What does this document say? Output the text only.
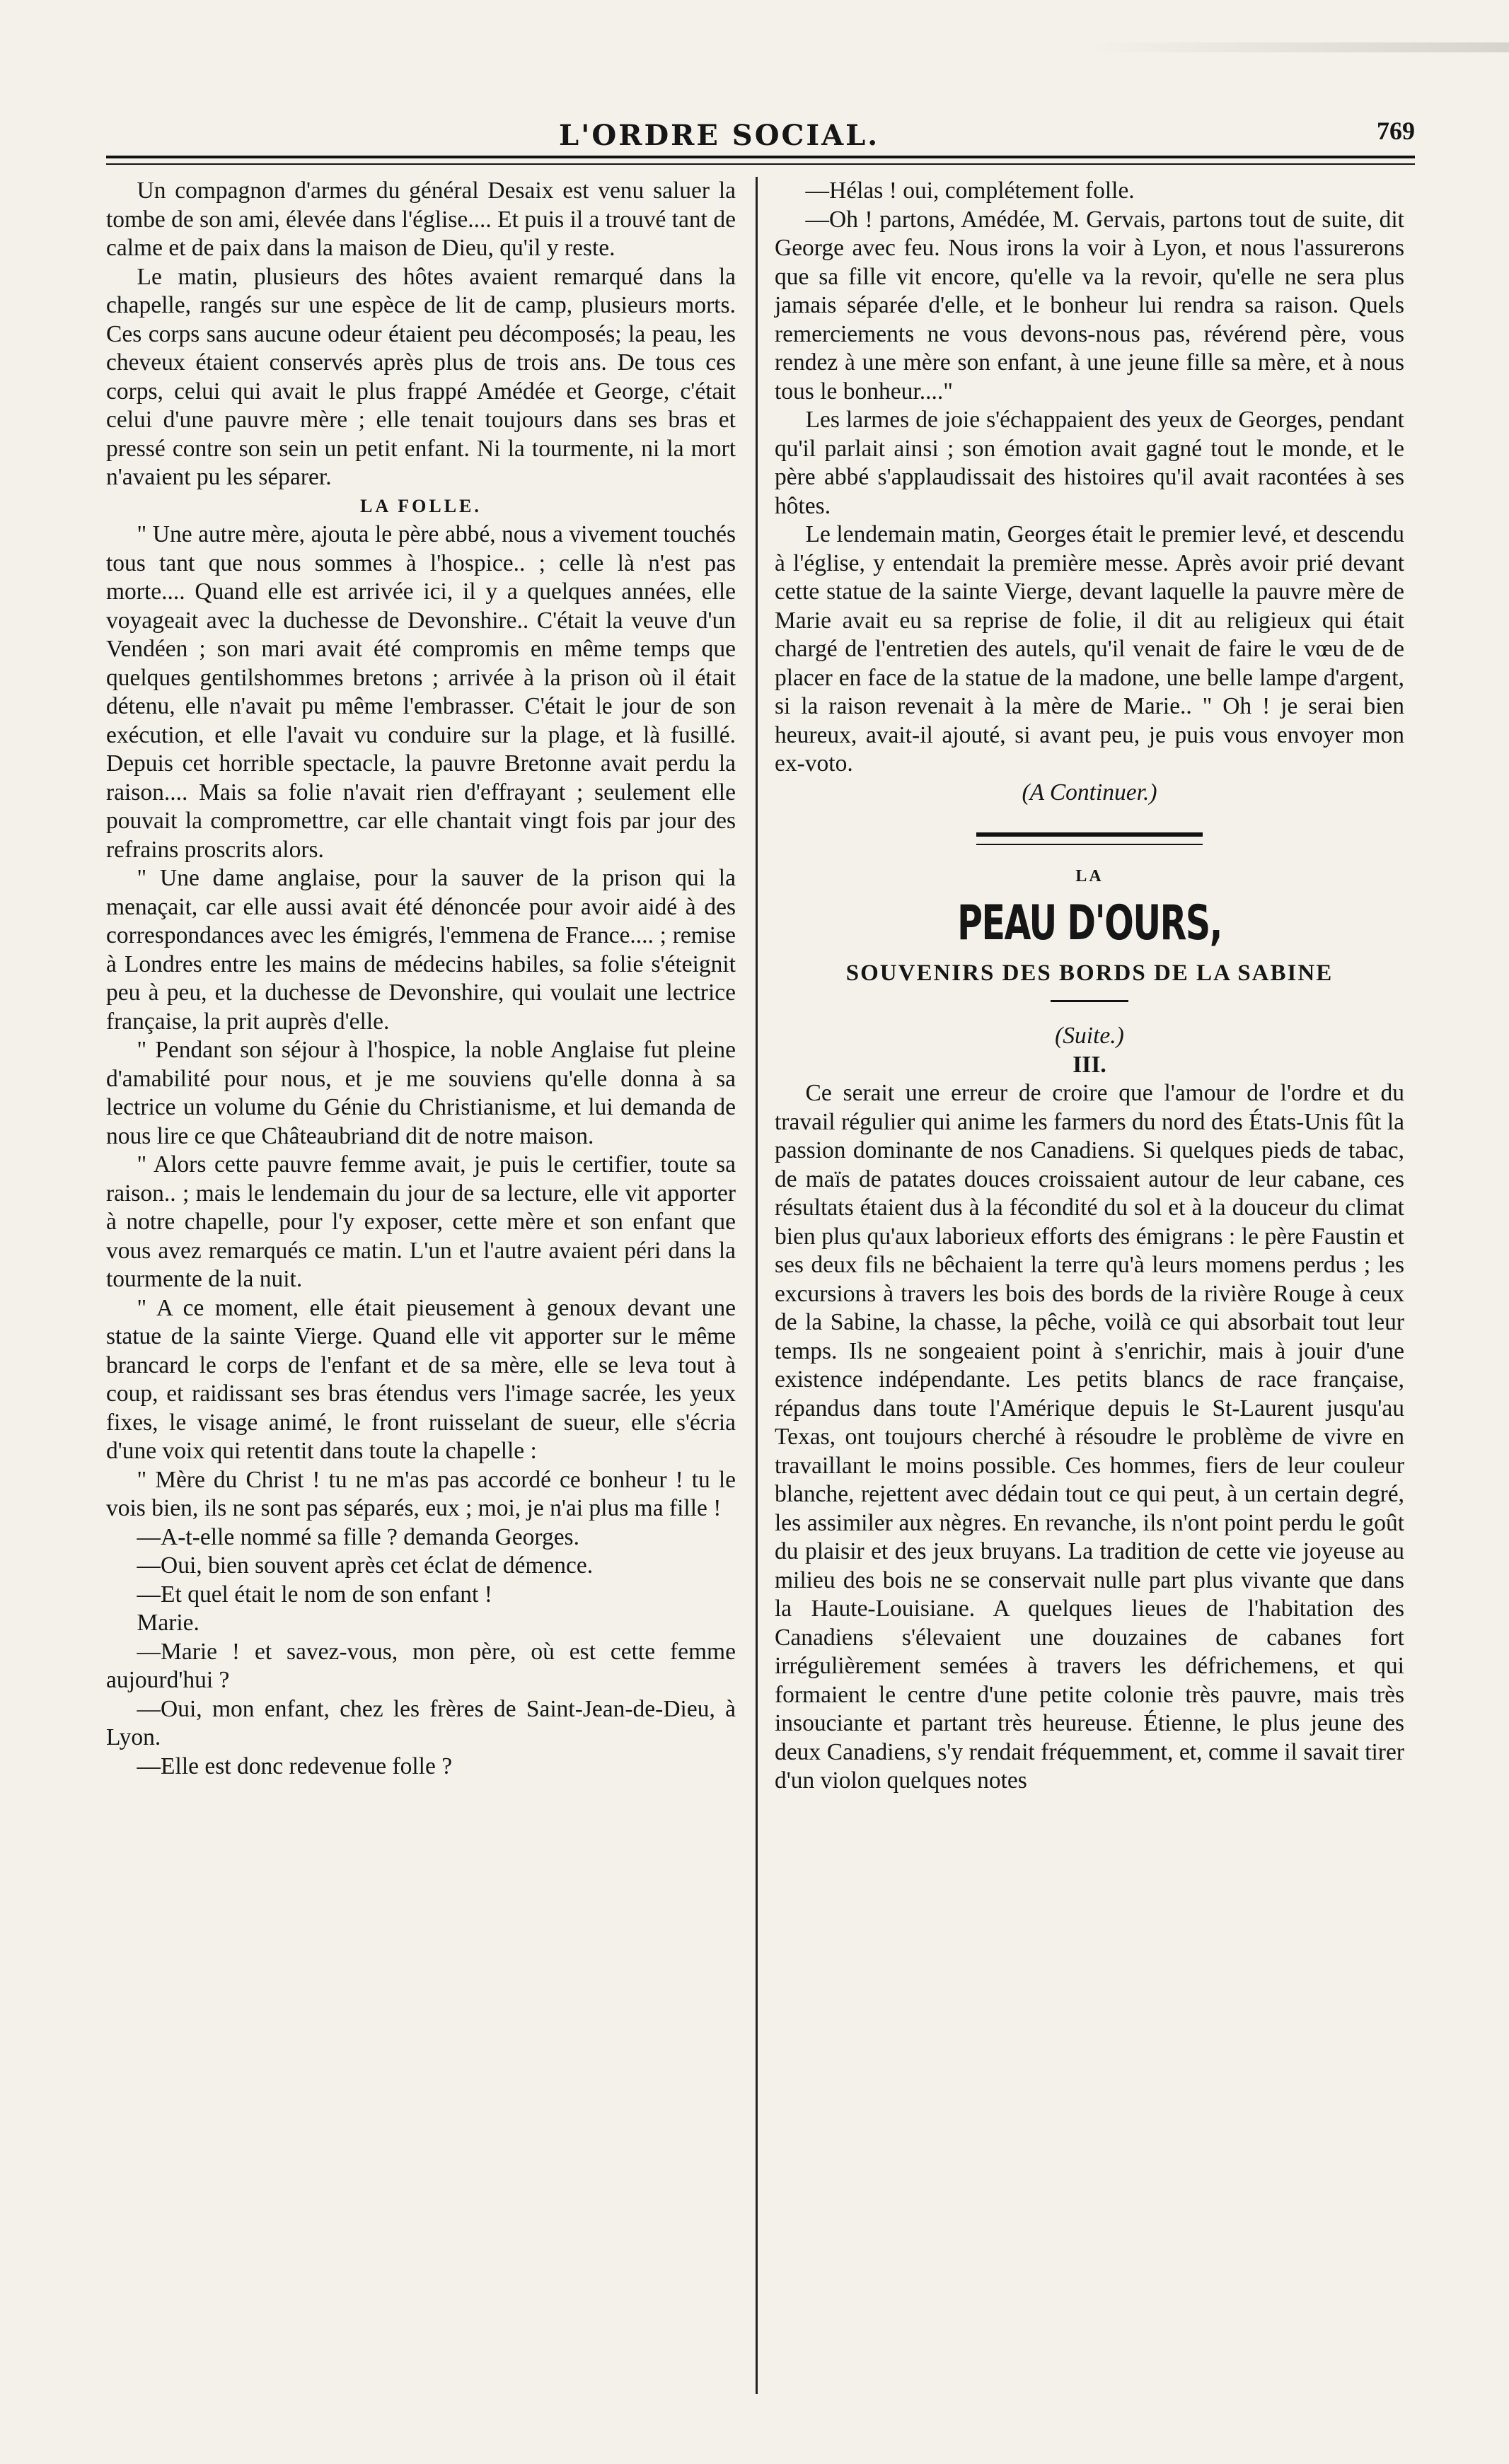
L'ORDRE SOCIAL.	769

Un compagnon d'armes du général Desaix est venu saluer la tombe de son ami, élevée dans l'église.... Et puis il a trouvé tant de calme et de paix dans la maison de Dieu, qu'il y reste.

Le matin, plusieurs des hôtes avaient remarqué dans la chapelle, rangés sur une espèce de lit de camp, plusieurs morts. Ces corps sans aucune odeur étaient peu décomposés; la peau, les cheveux étaient conservés après plus de trois ans. De tous ces corps, celui qui avait le plus frappé Amédée et George, c'était celui d'une pauvre mère ; elle tenait toujours dans ses bras et pressé contre son sein un petit enfant. Ni la tourmente, ni la mort n'avaient pu les séparer.

LA FOLLE.

" Une autre mère, ajouta le père abbé, nous a vivement touchés tous tant que nous sommes à l'hospice.. ; celle là n'est pas morte.... Quand elle est arrivée ici, il y a quelques années, elle voyageait avec la duchesse de Devonshire.. C'était la veuve d'un Vendéen ; son mari avait été compromis en même temps que quelques gentilshommes bretons ; arrivée à la prison où il était détenu, elle n'avait pu même l'embrasser. C'était le jour de son exécution, et elle l'avait vu conduire sur la plage, et là fusillé. Depuis cet horrible spectacle, la pauvre Bretonne avait perdu la raison.... Mais sa folie n'avait rien d'effrayant ; seulement elle pouvait la compromettre, car elle chantait vingt fois par jour des refrains proscrits alors.

" Une dame anglaise, pour la sauver de la prison qui la menaçait, car elle aussi avait été dénoncée pour avoir aidé à des correspondances avec les émigrés, l'emmena de France.... ; remise à Londres entre les mains de médecins habiles, sa folie s'éteignit peu à peu, et la duchesse de Devonshire, qui voulait une lectrice française, la prit auprès d'elle.

" Pendant son séjour à l'hospice, la noble Anglaise fut pleine d'amabilité pour nous, et je me souviens qu'elle donna à sa lectrice un volume du Génie du Christianisme, et lui demanda de nous lire ce que Châteaubriand dit de notre maison.

" Alors cette pauvre femme avait, je puis le certifier, toute sa raison.. ; mais le lendemain du jour de sa lecture, elle vit apporter à notre chapelle, pour l'y exposer, cette mère et son enfant que vous avez remarqués ce matin. L'un et l'autre avaient péri dans la tourmente de la nuit.

" A ce moment, elle était pieusement à genoux devant une statue de la sainte Vierge. Quand elle vit apporter sur le même brancard le corps de l'enfant et de sa mère, elle se leva tout à coup, et raidissant ses bras étendus vers l'image sacrée, les yeux fixes, le visage animé, le front ruisselant de sueur, elle s'écria d'une voix qui retentit dans toute la chapelle :

" Mère du Christ ! tu ne m'as pas accordé ce bonheur ! tu le vois bien, ils ne sont pas séparés, eux ; moi, je n'ai plus ma fille !

—A-t-elle nommé sa fille ? demanda Georges.

—Oui, bien souvent après cet éclat de démence.

—Et quel était le nom de son enfant !

Marie.

—Marie ! et savez-vous, mon père, où est cette femme aujourd'hui ?

—Oui, mon enfant, chez les frères de Saint-Jean-de-Dieu, à Lyon.

—Elle est donc redevenue folle ?

—Hélas ! oui, complétement folle.

—Oh ! partons, Amédée, M. Gervais, partons tout de suite, dit George avec feu. Nous irons la voir à Lyon, et nous l'assurerons que sa fille vit encore, qu'elle va la revoir, qu'elle ne sera plus jamais séparée d'elle, et le bonheur lui rendra sa raison. Quels remerciements ne vous devons-nous pas, révérend père, vous rendez à une mère son enfant, à une jeune fille sa mère, et à nous tous le bonheur...."

Les larmes de joie s'échappaient des yeux de Georges, pendant qu'il parlait ainsi ; son émotion avait gagné tout le monde, et le père abbé s'applaudissait des histoires qu'il avait racontées à ses hôtes.

Le lendemain matin, Georges était le premier levé, et descendu à l'église, y entendait la première messe. Après avoir prié devant cette statue de la sainte Vierge, devant laquelle la pauvre mère de Marie avait eu sa reprise de folie, il dit au religieux qui était chargé de l'entretien des autels, qu'il venait de faire le vœu de de placer en face de la statue de la madone, une belle lampe d'argent, si la raison revenait à la mère de Marie.. " Oh ! je serai bien heureux, avait-il ajouté, si avant peu, je puis vous envoyer mon ex-voto.

(A Continuer.)

LA
PEAU D'OURS,
SOUVENIRS DES BORDS DE LA SABINE

(Suite.)

III.

Ce serait une erreur de croire que l'amour de l'ordre et du travail régulier qui anime les farmers du nord des États-Unis fût la passion dominante de nos Canadiens. Si quelques pieds de tabac, de maïs de patates douces croissaient autour de leur cabane, ces résultats étaient dus à la fécondité du sol et à la douceur du climat bien plus qu'aux laborieux efforts des émigrans : le père Faustin et ses deux fils ne bêchaient la terre qu'à leurs momens perdus ; les excursions à travers les bois des bords de la rivière Rouge à ceux de la Sabine, la chasse, la pêche, voilà ce qui absorbait tout leur temps. Ils ne songeaient point à s'enrichir, mais à jouir d'une existence indépendante. Les petits blancs de race française, répandus dans toute l'Amérique depuis le St-Laurent jusqu'au Texas, ont toujours cherché à résoudre le problème de vivre en travaillant le moins possible. Ces hommes, fiers de leur couleur blanche, rejettent avec dédain tout ce qui peut, à un certain degré, les assimiler aux nègres. En revanche, ils n'ont point perdu le goût du plaisir et des jeux bruyans. La tradition de cette vie joyeuse au milieu des bois ne se conservait nulle part plus vivante que dans la Haute-Louisiane. A quelques lieues de l'habitation des Canadiens s'élevaient une douzaines de cabanes fort irrégulièrement semées à travers les défrichemens, et qui formaient le centre d'une petite colonie très pauvre, mais très insouciante et partant très heureuse. Étienne, le plus jeune des deux Canadiens, s'y rendait fréquemment, et, comme il savait tirer d'un violon quelques notes
